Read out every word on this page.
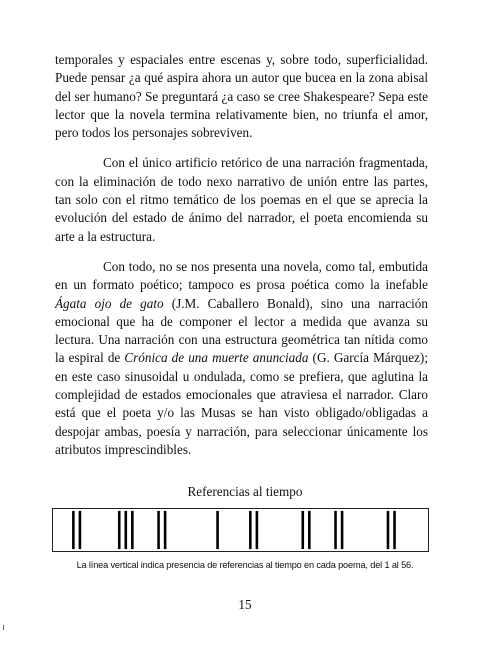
temporales y espaciales entre escenas y, sobre todo, superficialidad. Puede pensar ¿a qué aspira ahora un autor que bucea en la zona abisal del ser humano? Se preguntará ¿a caso se cree Shakespeare? Sepa este lector que la novela termina relativamente bien, no triunfa el amor, pero todos los personajes sobreviven.

Con el único artificio retórico de una narración fragmentada, con la eliminación de todo nexo narrativo de unión entre las partes, tan solo con el ritmo temático de los poemas en el que se aprecia la evolución del estado de ánimo del narrador, el poeta encomienda su arte a la estructura.

Con todo, no se nos presenta una novela, como tal, embutida en un formato poético; tampoco es prosa poética como la inefable Ágata ojo de gato (J.M. Caballero Bonald), sino una narración emocional que ha de componer el lector a medida que avanza su lectura. Una narración con una estructura geométrica tan nítida como la espiral de Crónica de una muerte anunciada (G. García Márquez); en este caso sinusoidal u ondulada, como se prefiera, que aglutina la complejidad de estados emocionales que atraviesa el narrador. Claro está que el poeta y/o las Musas se han visto obligado/obligadas a despojar ambas, poesía y narración, para seleccionar únicamente los atributos imprescindibles.

Referencias al tiempo
La línea vertical indica presencia de referencias al tiempo en cada poema, del 1 al 56.
15
